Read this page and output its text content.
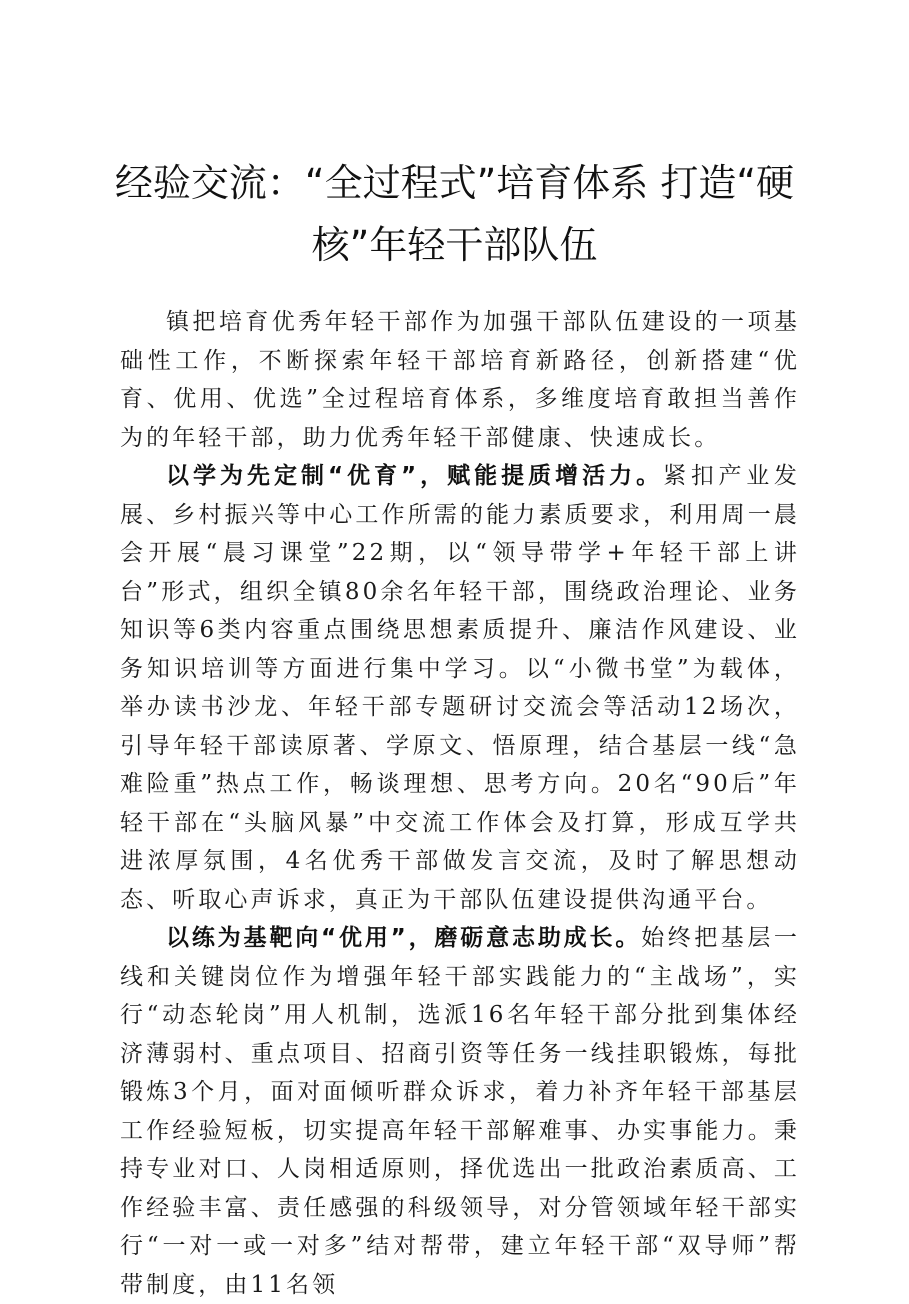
经验交流：“全过程式”培育体系 打造“硬核”年轻干部队伍

镇把培育优秀年轻干部作为加强干部队伍建设的一项基础性工作，不断探索年轻干部培育新路径，创新搭建“优育、优用、优选”全过程培育体系，多维度培育敢担当善作为的年轻干部，助力优秀年轻干部健康、快速成长。

以学为先定制“优育”，赋能提质增活力。紧扣产业发展、乡村振兴等中心工作所需的能力素质要求，利用周一晨会开展“晨习课堂”22期，以“领导带学+年轻干部上讲台”形式，组织全镇80余名年轻干部，围绕政治理论、业务知识等6类内容重点围绕思想素质提升、廉洁作风建设、业务知识培训等方面进行集中学习。以“小微书堂”为载体，举办读书沙龙、年轻干部专题研讨交流会等活动12场次，引导年轻干部读原著、学原文、悟原理，结合基层一线“急难险重”热点工作，畅谈理想、思考方向。20名“90后”年轻干部在“头脑风暴”中交流工作体会及打算，形成互学共进浓厚氛围，4名优秀干部做发言交流，及时了解思想动态、听取心声诉求，真正为干部队伍建设提供沟通平台。

以练为基靶向“优用”，磨砺意志助成长。始终把基层一线和关键岗位作为增强年轻干部实践能力的“主战场”，实行“动态轮岗”用人机制，选派16名年轻干部分批到集体经济薄弱村、重点项目、招商引资等任务一线挂职锻炼，每批锻炼3个月，面对面倾听群众诉求，着力补齐年轻干部基层工作经验短板，切实提高年轻干部解难事、办实事能力。秉持专业对口、人岗相适原则，择优选出一批政治素质高、工作经验丰富、责任感强的科级领导，对分管领域年轻干部实行“一对一或一对多”结对帮带，建立年轻干部“双导师”帮带制度，由11名领
